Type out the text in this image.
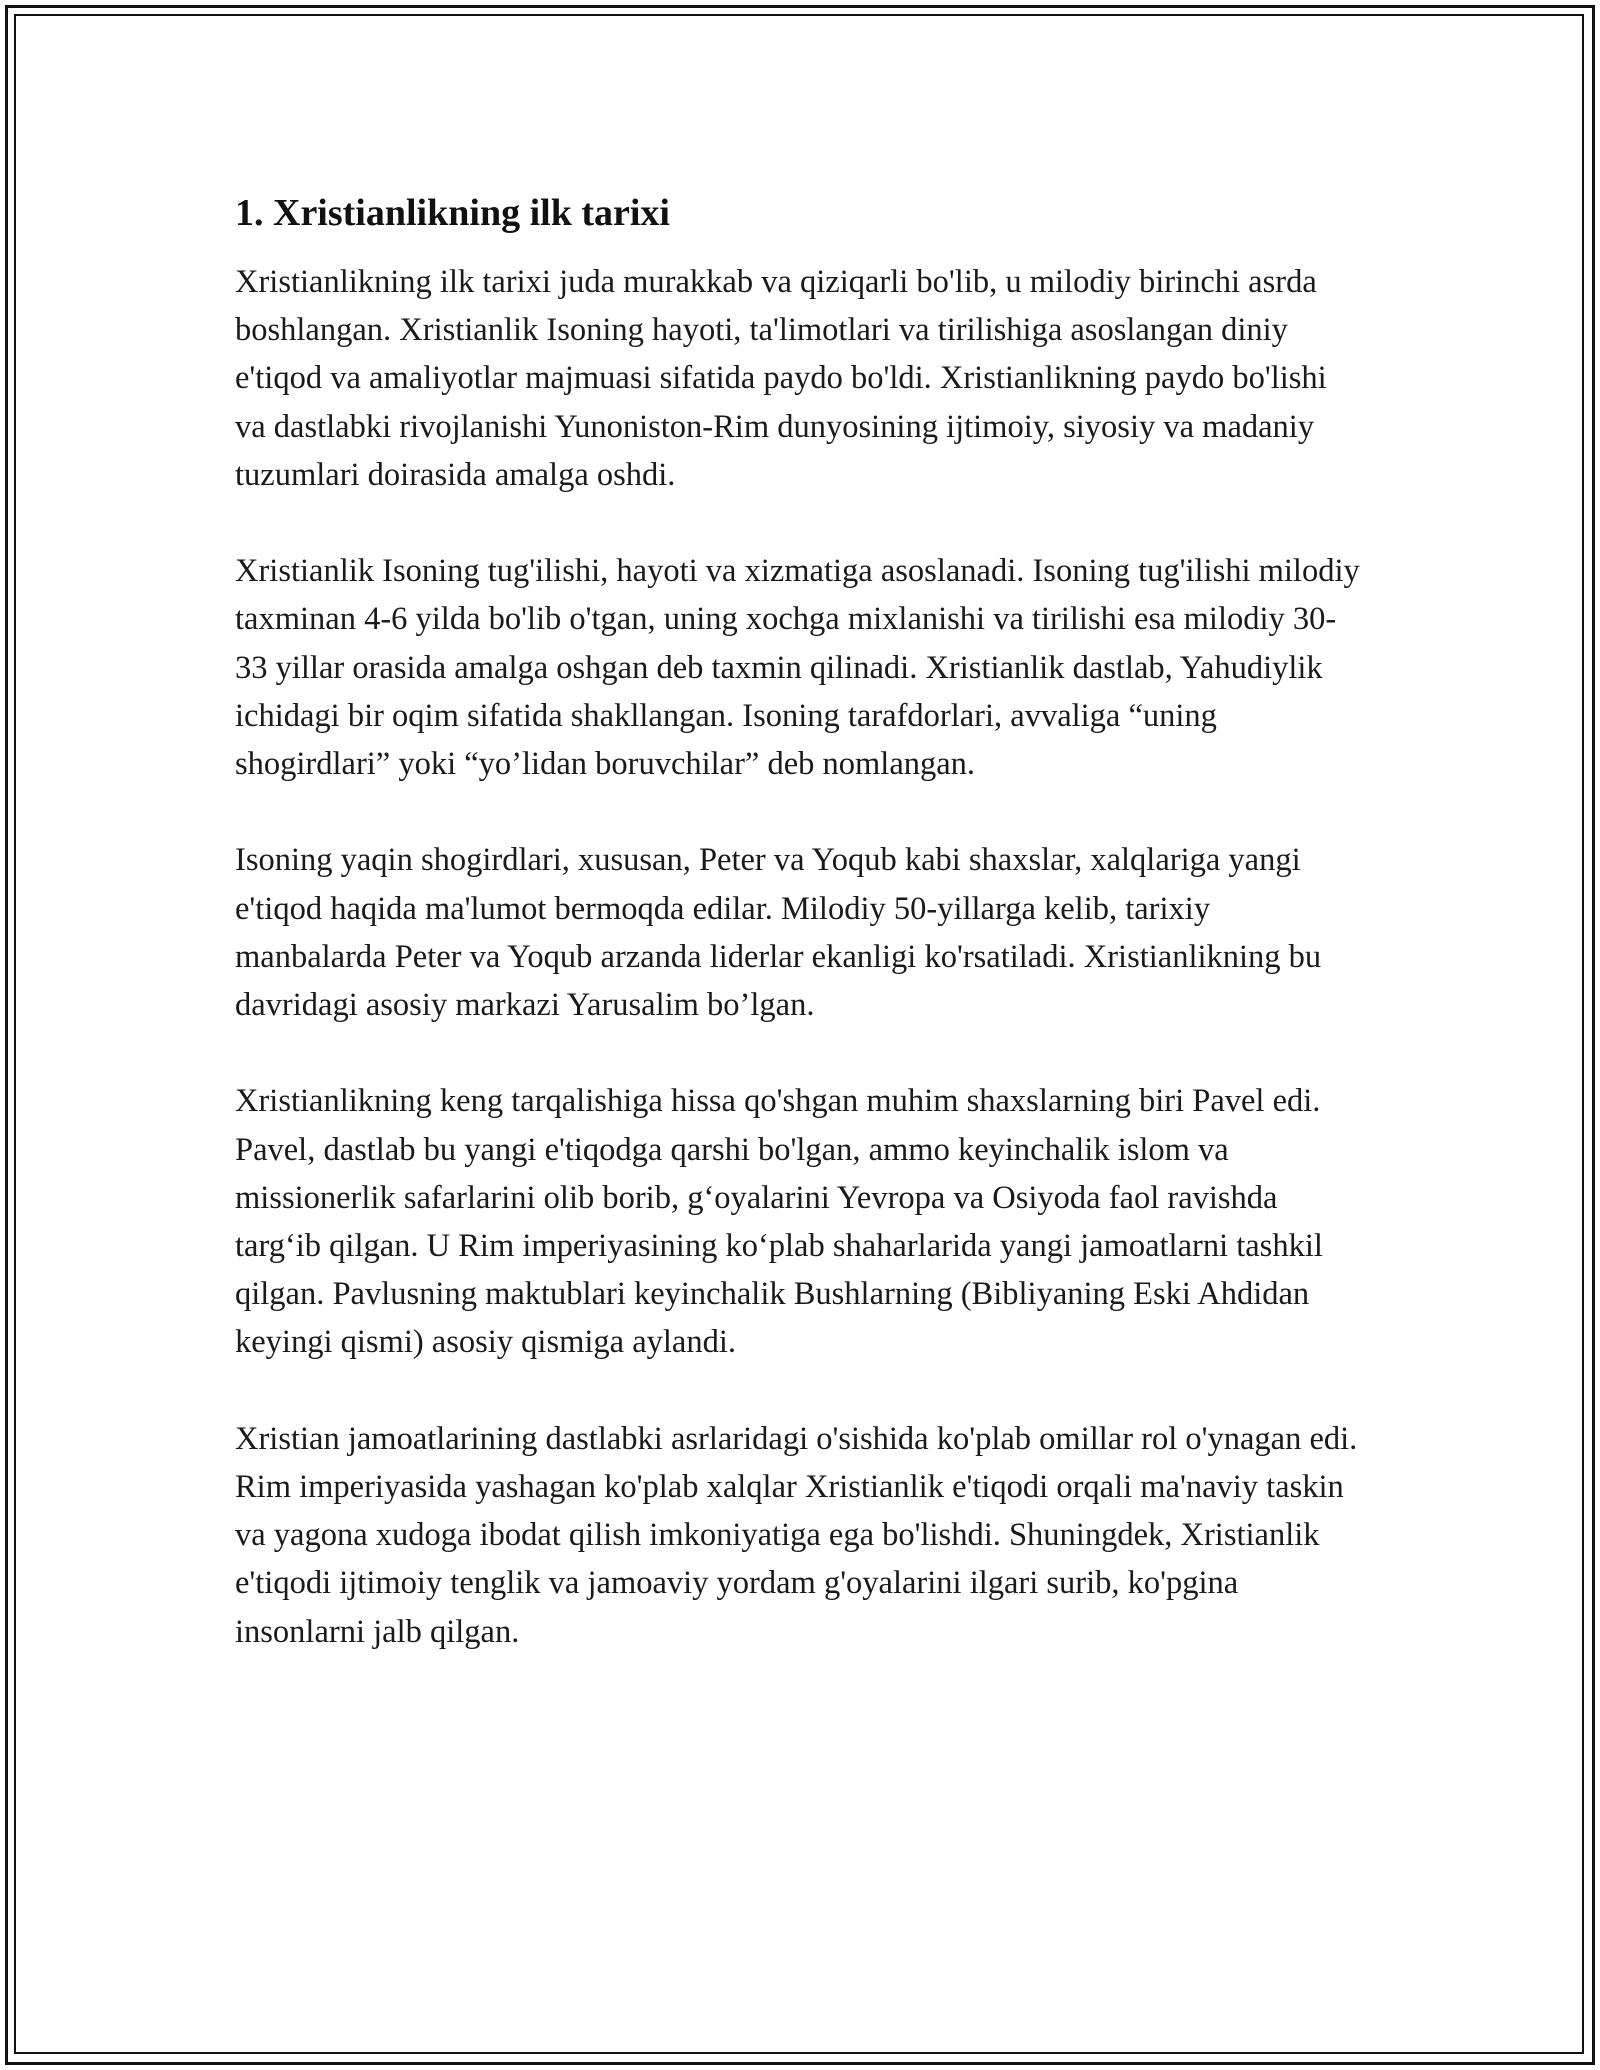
1. Xristianlikning ilk tarixi

Xristianlikning ilk tarixi juda murakkab va qiziqarli bo'lib, u milodiy birinchi asrda boshlangan. Xristianlik Isoning hayoti, ta'limotlari va tirilishiga asoslangan diniy e'tiqod va amaliyotlar majmuasi sifatida paydo bo'ldi. Xristianlikning paydo bo'lishi va dastlabki rivojlanishi Yunoniston-Rim dunyosining ijtimoiy, siyosiy va madaniy tuzumlari doirasida amalga oshdi.

Xristianlik Isoning tug'ilishi, hayoti va xizmatiga asoslanadi. Isoning tug'ilishi milodiy taxminan 4-6 yilda bo'lib o'tgan, uning xochga mixlanishi va tirilishi esa milodiy 30-33 yillar orasida amalga oshgan deb taxmin qilinadi. Xristianlik dastlab, Yahudiylik ichidagi bir oqim sifatida shakllangan. Isoning tarafdorlari, avvaliga “uning shogirdlari” yoki “yo’lidan boruvchilar” deb nomlangan.

Isoning yaqin shogirdlari, xususan, Peter va Yoqub kabi shaxslar, xalqlariga yangi e'tiqod haqida ma'lumot bermoqda edilar. Milodiy 50-yillarga kelib, tarixiy manbalarda Peter va Yoqub arzanda liderlar ekanligi ko'rsatiladi. Xristianlikning bu davridagi asosiy markazi Yarusalim bo’lgan.

Xristianlikning keng tarqalishiga hissa qo'shgan muhim shaxslarning biri Pavel edi. Pavel, dastlab bu yangi e'tiqodga qarshi bo'lgan, ammo keyinchalik islom va missionerlik safarlarini olib borib, g‘oyalarini Yevropa va Osiyoda faol ravishda targ‘ib qilgan. U Rim imperiyasining ko‘plab shaharlarida yangi jamoatlarni tashkil qilgan. Pavlusning maktublari keyinchalik Bushlarning (Bibliyaning Eski Ahdidan keyingi qismi) asosiy qismiga aylandi.

Xristian jamoatlarining dastlabki asrlaridagi o'sishida ko'plab omillar rol o'ynagan edi. Rim imperiyasida yashagan ko'plab xalqlar Xristianlik e'tiqodi orqali ma'naviy taskin va yagona xudoga ibodat qilish imkoniyatiga ega bo'lishdi. Shuningdek, Xristianlik e'tiqodi ijtimoiy tenglik va jamoaviy yordam g'oyalarini ilgari surib, ko'pgina insonlarni jalb qilgan.
